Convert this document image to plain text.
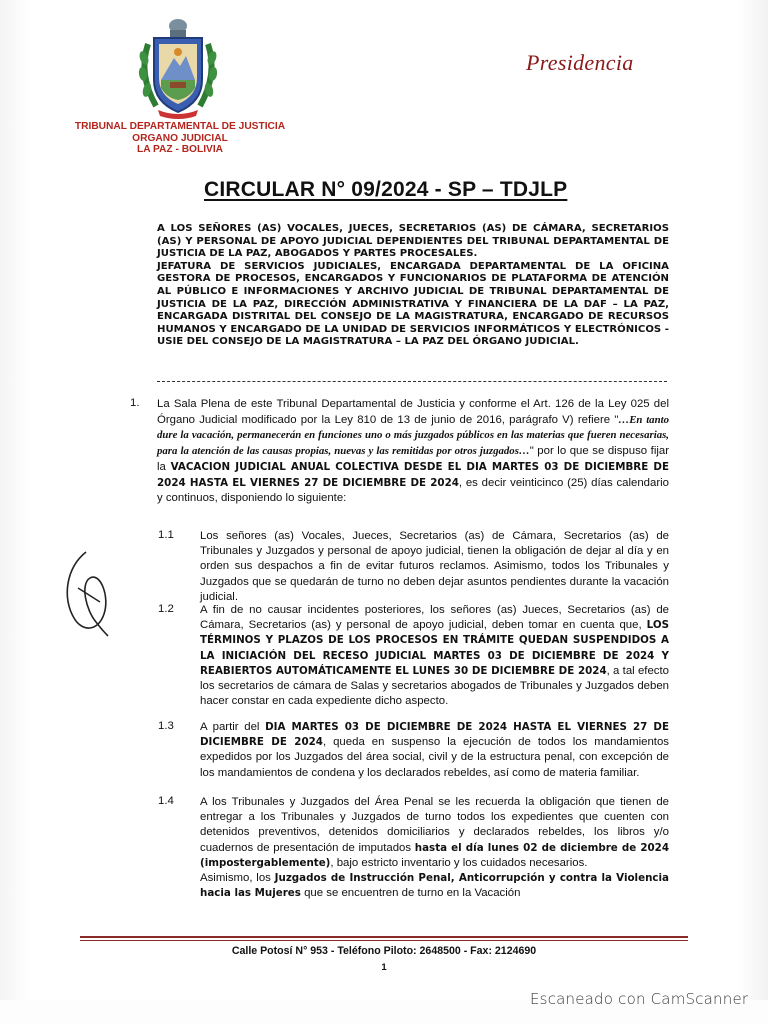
TRIBUNAL DEPARTAMENTAL DE JUSTICIA
ORGANO JUDICIAL
LA PAZ - BOLIVIA
Presidencia
CIRCULAR N° 09/2024 - SP – TDJLP

A LOS SEÑORES (AS) VOCALES, JUECES, SECRETARIOS (AS) DE CÁMARA, SECRETARIOS (AS) Y PERSONAL DE APOYO JUDICIAL DEPENDIENTES DEL TRIBUNAL DEPARTAMENTAL DE JUSTICIA DE LA PAZ, ABOGADOS Y PARTES PROCESALES.

JEFATURA DE SERVICIOS JUDICIALES, ENCARGADA DEPARTAMENTAL DE LA OFICINA GESTORA DE PROCESOS, ENCARGADOS Y FUNCIONARIOS DE PLATAFORMA DE ATENCIÓN AL PÚBLICO E INFORMACIONES Y ARCHIVO JUDICIAL DE TRIBUNAL DEPARTAMENTAL DE JUSTICIA DE LA PAZ, DIRECCIÓN ADMINISTRATIVA Y FINANCIERA DE LA DAF – LA PAZ, ENCARGADA DISTRITAL DEL CONSEJO DE LA MAGISTRATURA, ENCARGADO DE RECURSOS HUMANOS Y ENCARGADO DE LA UNIDAD DE SERVICIOS INFORMÁTICOS Y ELECTRÓNICOS - USIE DEL CONSEJO DE LA MAGISTRATURA – LA PAZ DEL ÓRGANO JUDICIAL.

1. La Sala Plena de este Tribunal Departamental de Justicia y conforme el Art. 126 de la Ley 025 del Órgano Judicial modificado por la Ley 810 de 13 de junio de 2016, parágrafo V) refiere "…En tanto dure la vacación, permanecerán en funciones uno o más juzgados públicos en las materias que fueren necesarias, para la atención de las causas propias, nuevas y las remitidas por otros juzgados…" por lo que se dispuso fijar la VACACION JUDICIAL ANUAL COLECTIVA DESDE EL DIA MARTES 03 DE DICIEMBRE DE 2024 HASTA EL VIERNES 27 DE DICIEMBRE DE 2024, es decir veinticinco (25) días calendario y continuos, disponiendo lo siguiente:
1.1 Los señores (as) Vocales, Jueces, Secretarios (as) de Cámara, Secretarios (as) de Tribunales y Juzgados y personal de apoyo judicial, tienen la obligación de dejar al día y en orden sus despachos a fin de evitar futuros reclamos. Asimismo, todos los Tribunales y Juzgados que se quedarán de turno no deben dejar asuntos pendientes durante la vacación judicial.
1.2 A fin de no causar incidentes posteriores, los señores (as) Jueces, Secretarios (as) de Cámara, Secretarios (as) y personal de apoyo judicial, deben tomar en cuenta que, LOS TÉRMINOS Y PLAZOS DE LOS PROCESOS EN TRÁMITE QUEDAN SUSPENDIDOS A LA INICIACIÓN DEL RECESO JUDICIAL MARTES 03 DE DICIEMBRE DE 2024 Y REABIERTOS AUTOMÁTICAMENTE EL LUNES 30 DE DICIEMBRE DE 2024, a tal efecto los secretarios de cámara de Salas y secretarios abogados de Tribunales y Juzgados deben hacer constar en cada expediente dicho aspecto.
1.3 A partir del DIA MARTES 03 DE DICIEMBRE DE 2024 HASTA EL VIERNES 27 DE DICIEMBRE DE 2024, queda en suspenso la ejecución de todos los mandamientos expedidos por los Juzgados del área social, civil y de la estructura penal, con excepción de los mandamientos de condena y los declarados rebeldes, así como de materia familiar.
1.4 A los Tribunales y Juzgados del Área Penal se les recuerda la obligación que tienen de entregar a los Tribunales y Juzgados de turno todos los expedientes que cuenten con detenidos preventivos, detenidos domiciliarios y declarados rebeldes, los libros y/o cuadernos de presentación de imputados hasta el día lunes 02 de diciembre de 2024 (impostergablemente), bajo estricto inventario y los cuidados necesarios.
Asimismo, los Juzgados de Instrucción Penal, Anticorrupción y contra la Violencia hacia las Mujeres que se encuentren de turno en la Vacación
Calle Potosí N° 953 - Teléfono Piloto: 2648500 - Fax: 2124690
1
Escaneado con CamScanner
